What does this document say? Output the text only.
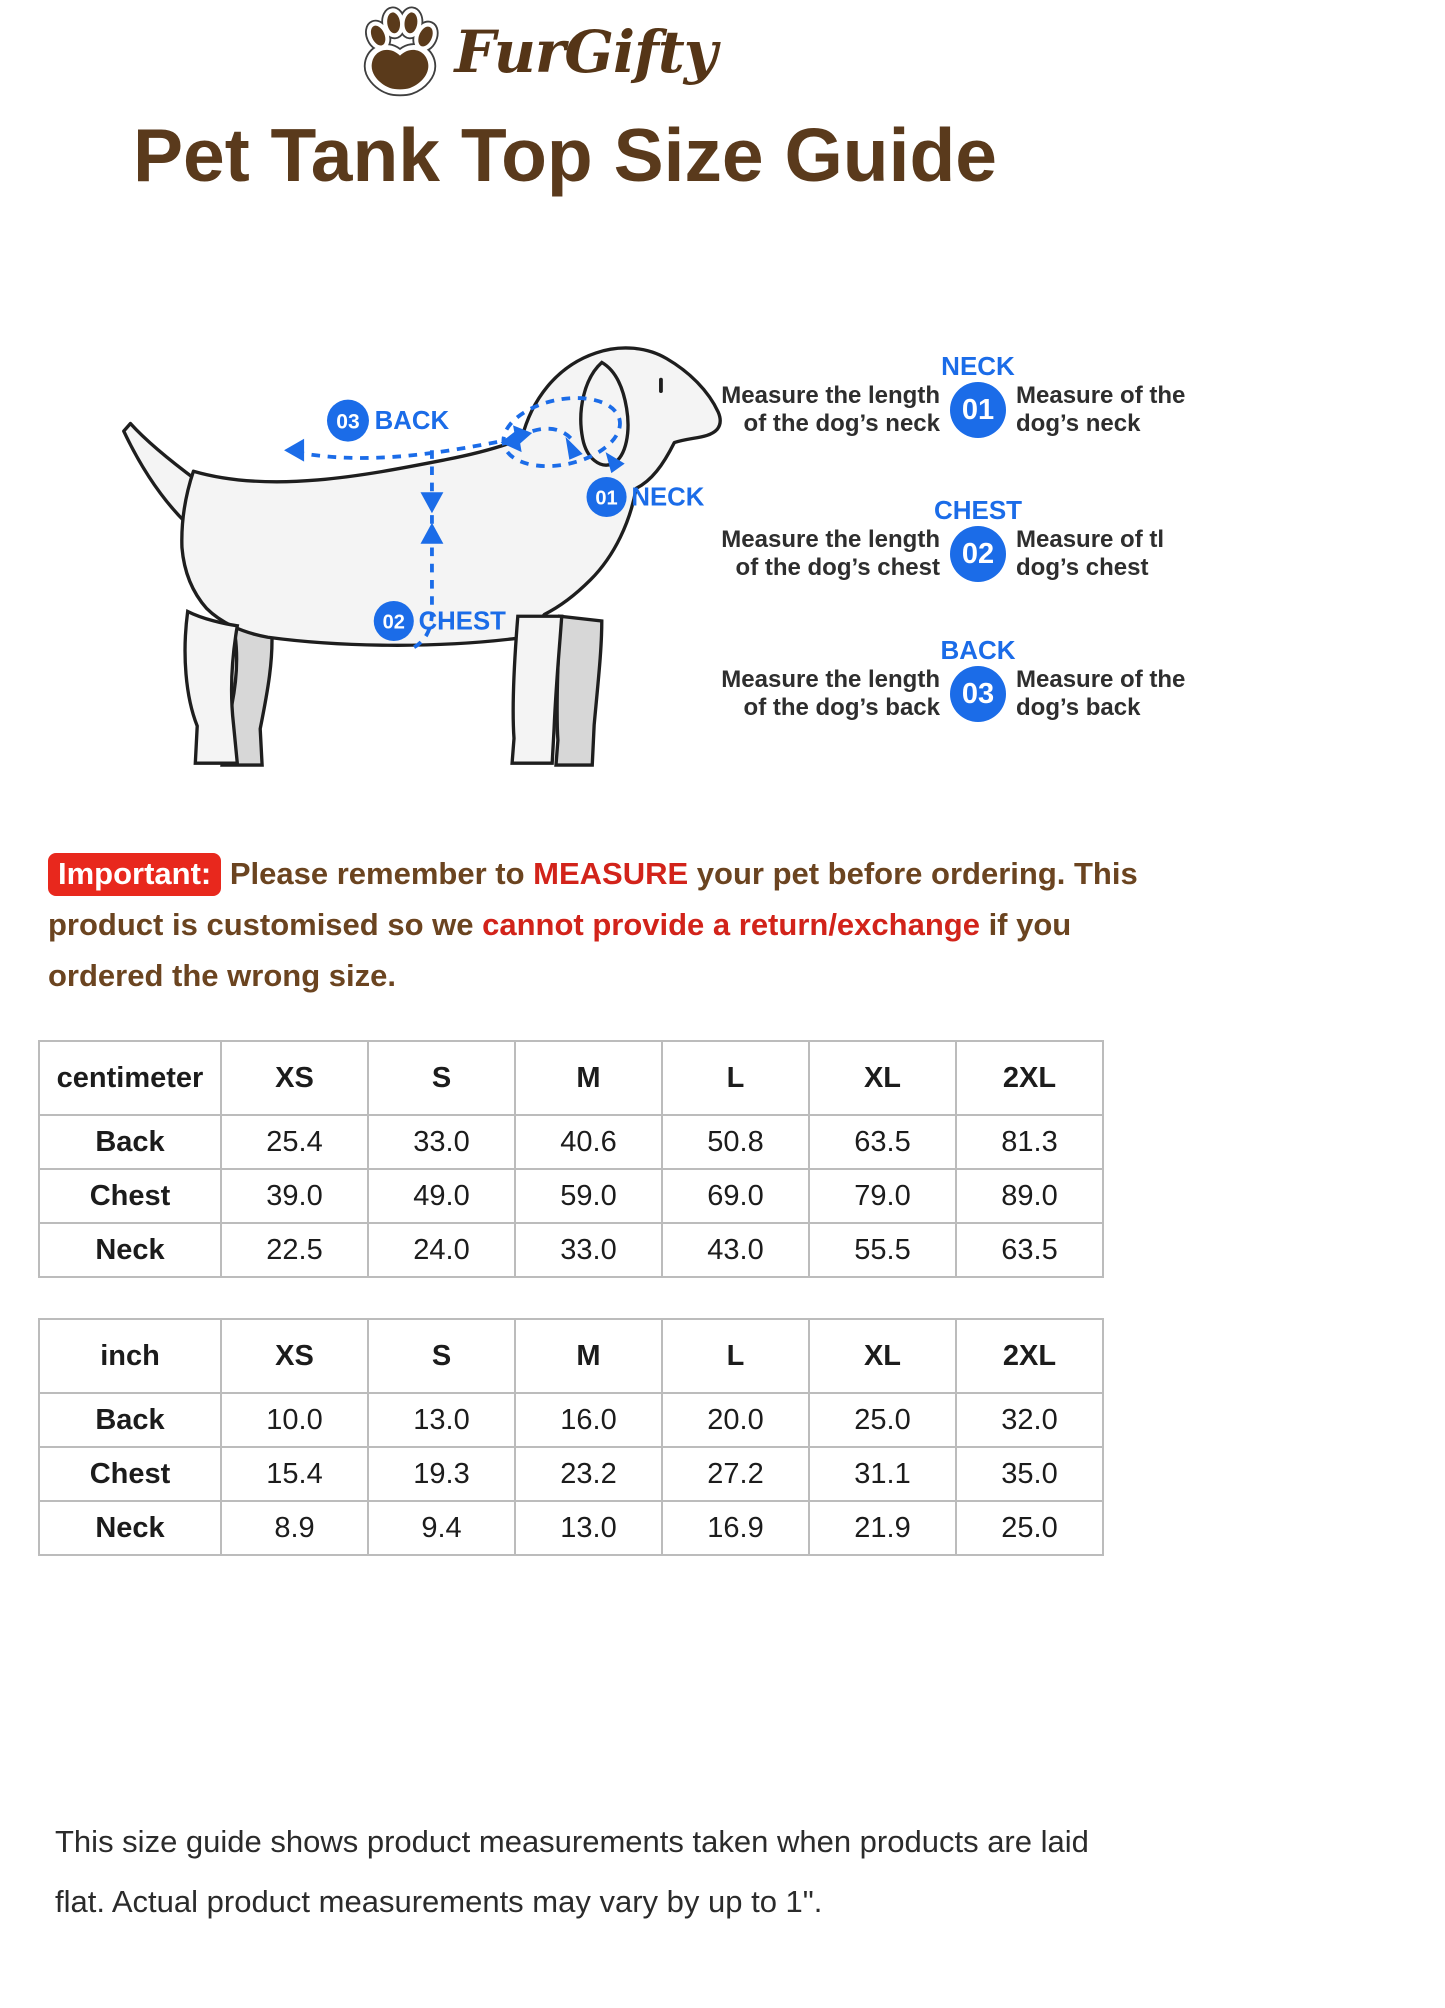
FurGifty
Pet Tank Top Size Guide
03 BACK
01 NECK
02 CHEST
Measure the length
of the dog’s neck
NECK
01 Measure of the
dog’s neck
Measure the length
of the dog’s chest
CHEST
02 Measure of tl
dog’s chest
Measure the length
of the dog’s back
BACK
03 Measure of the
dog’s back
Important: Please remember to MEASURE your pet before ordering. This
product is customised so we cannot provide a return/exchange if you
ordered the wrong size.
centimeter	XS	S	M	L	XL	2XL
Back	25.4	33.0	40.6	50.8	63.5	81.3
Chest	39.0	49.0	59.0	69.0	79.0	89.0
Neck	22.5	24.0	33.0	43.0	55.5	63.5
inch	XS	S	M	L	XL	2XL
Back	10.0	13.0	16.0	20.0	25.0	32.0
Chest	15.4	19.3	23.2	27.2	31.1	35.0
Neck	8.9	9.4	13.0	16.9	21.9	25.0
This size guide shows product measurements taken when products are laid
flat. Actual product measurements may vary by up to 1".
